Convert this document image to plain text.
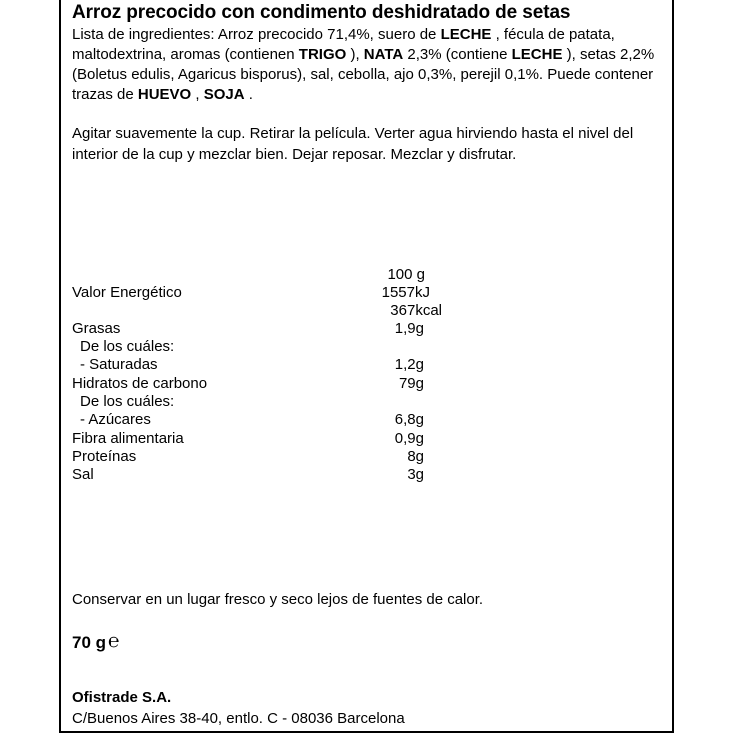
Arroz precocido con condimento deshidratado de setas
Lista de ingredientes: Arroz precocido 71,4%, suero de LECHE , fécula de patata, maltodextrina, aromas (contienen TRIGO ), NATA 2,3% (contiene LECHE ), setas 2,2% (Boletus edulis, Agaricus bisporus), sal, cebolla, ajo 0,3%, perejil 0,1%. Puede contener trazas de HUEVO , SOJA .
Agitar suavemente la cup. Retirar la película. Verter agua hirviendo hasta el nivel del interior de la cup y mezclar bien. Dejar reposar. Mezclar y disfrutar.
100 g
Valor Energético	1557kJ
367kcal
Grasas	1,9g
De los cuáles:
- Saturadas	1,2g
Hidratos de carbono	79g
De los cuáles:
- Azúcares	6,8g
Fibra alimentaria	0,9g
Proteínas	8g
Sal	3g
Conservar en un lugar fresco y seco lejos de fuentes de calor.
70 g ℮
Ofistrade S.A.
C/Buenos Aires 38-40, entlo. C - 08036 Barcelona
